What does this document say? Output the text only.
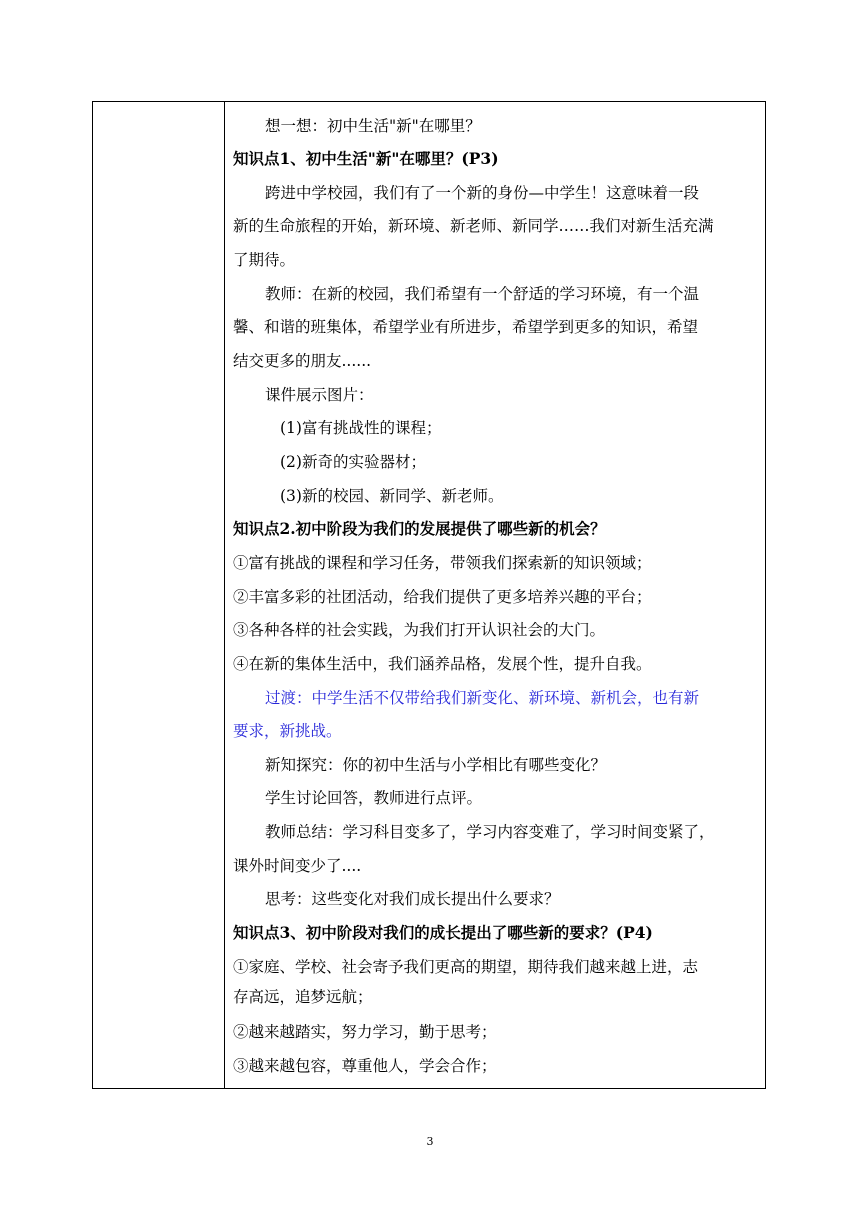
想一想：初中生活"新"在哪里？
知识点1、初中生活"新"在哪里？(P3)
跨进中学校园，我们有了一个新的身份—中学生！这意味着一段
新的生命旅程的开始，新环境、新老师、新同学……我们对新生活充满
了期待。
教师：在新的校园，我们希望有一个舒适的学习环境，有一个温
馨、和谐的班集体，希望学业有所进步，希望学到更多的知识，希望
结交更多的朋友......
课件展示图片：
(1)富有挑战性的课程；
(2)新奇的实验器材；
(3)新的校园、新同学、新老师。
知识点2.初中阶段为我们的发展提供了哪些新的机会？
①富有挑战的课程和学习任务，带领我们探索新的知识领域；
②丰富多彩的社团活动，给我们提供了更多培养兴趣的平台；
③各种各样的社会实践，为我们打开认识社会的大门。
④在新的集体生活中，我们涵养品格，发展个性，提升自我。
过渡：中学生活不仅带给我们新变化、新环境、新机会，也有新
要求，新挑战。
新知探究：你的初中生活与小学相比有哪些变化？
学生讨论回答，教师进行点评。
教师总结：学习科目变多了，学习内容变难了，学习时间变紧了，
课外时间变少了....
思考：这些变化对我们成长提出什么要求？
知识点3、初中阶段对我们的成长提出了哪些新的要求？(P4)
①家庭、学校、社会寄予我们更高的期望，期待我们越来越上进，志
存高远，追梦远航；
②越来越踏实，努力学习，勤于思考；
③越来越包容，尊重他人，学会合作；
3
